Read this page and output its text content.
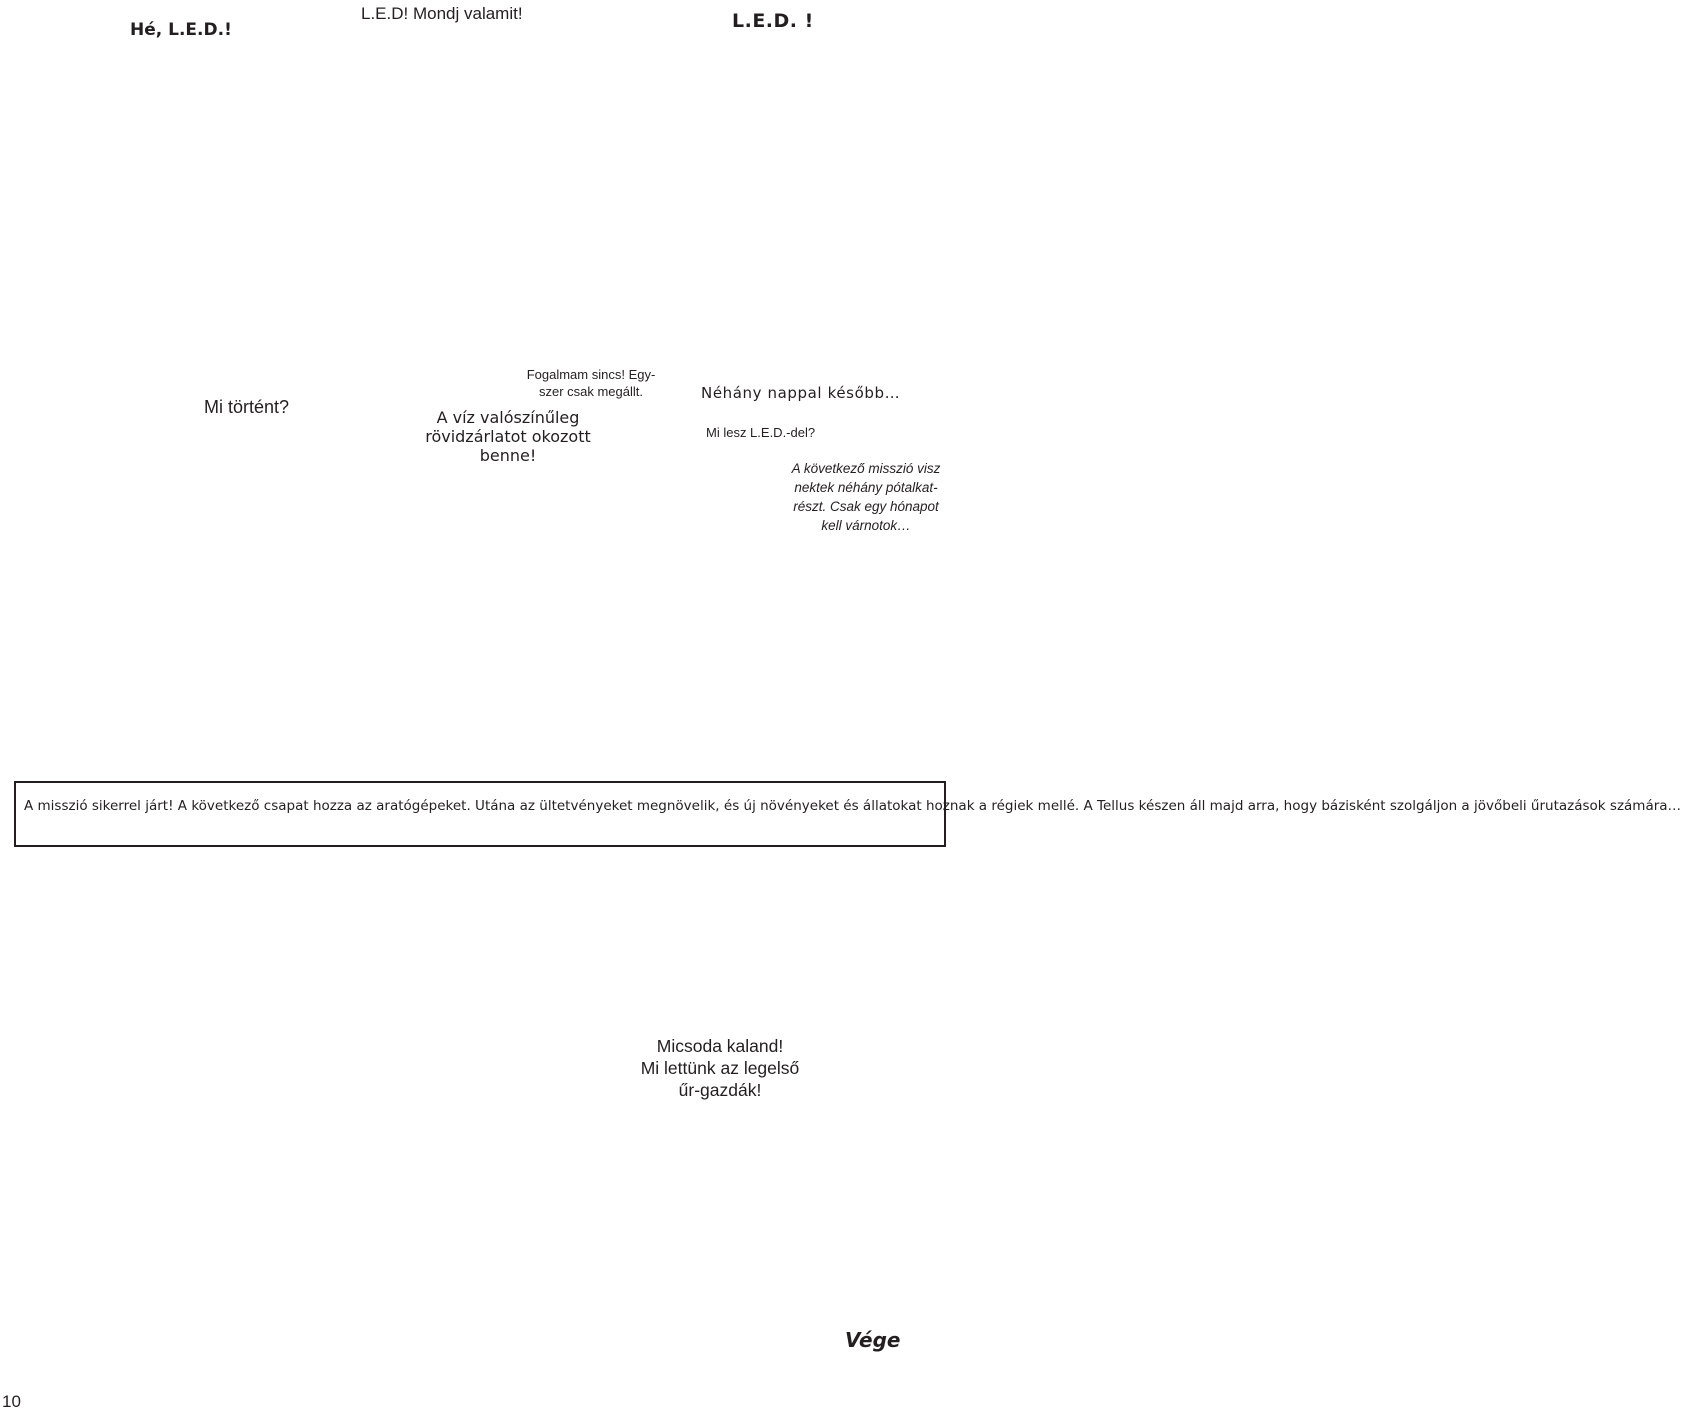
Hé, L.E.D.!

L.E.D! Mondj valamit!	L.E.D. !

Mi történt?

A víz valószínűleg
rövidzárlatot okozott
benne!

Fogalmam sincs! Egy-
szer csak megállt.	Néhány nappal később…

Mi lesz L.E.D.-del?

A következő misszió visz
nektek néhány pótalkat-
részt. Csak egy hónapot
kell várnotok…

A misszió sikerrel járt! A következő csapat hozza az aratógépeket. Utána az ültetvényeket megnövelik, és új növényeket és állatokat hoznak a régiek mellé. A Tellus készen áll majd arra, hogy bázisként szolgáljon a jövőbeli űrutazások számára…

Micsoda kaland!
Mi lettünk az legelső
űr-gazdák!

Vége

10
